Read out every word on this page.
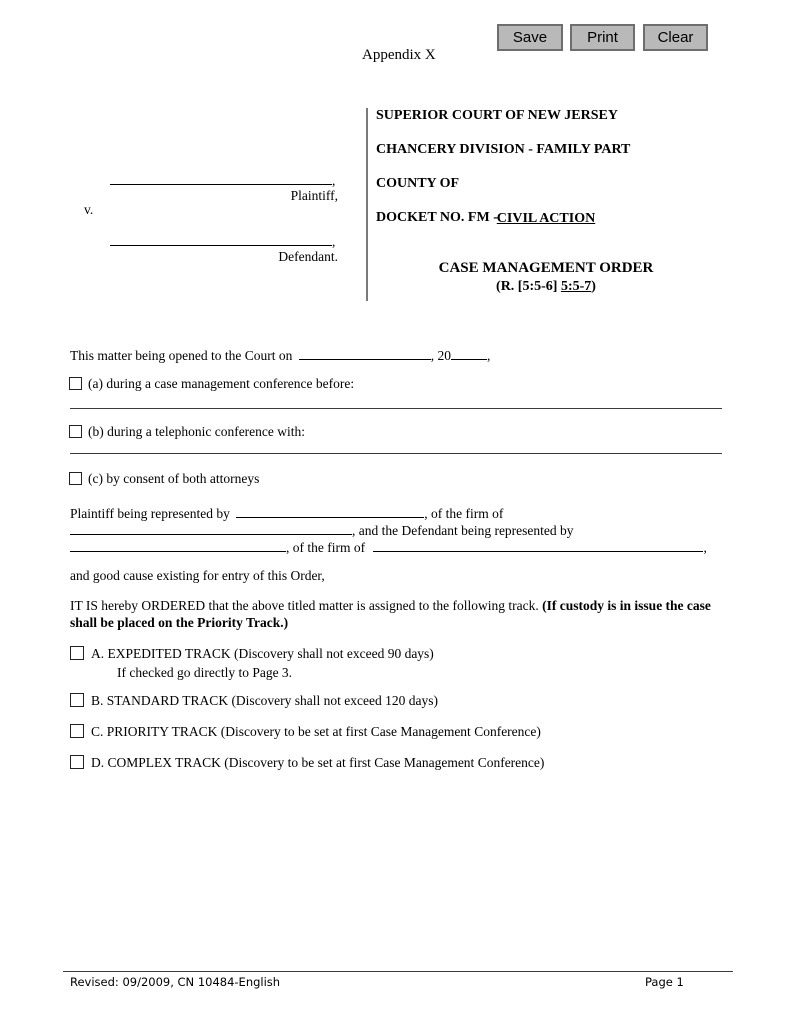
Save	Print	Clear
Appendix X
,
Plaintiff,
v.
,
Defendant.
SUPERIOR COURT OF NEW JERSEY

CHANCERY DIVISION - FAMILY PART

COUNTY OF

DOCKET NO. FM -

CIVIL ACTION
CASE MANAGEMENT ORDER
(R. [5:5-6] 5:5-7)
This matter being opened to the Court on	, 20	,
(a) during a case management conference before:
(b) during a telephonic conference with:
(c) by consent of both attorneys
Plaintiff being represented by	, of the firm of
, and the Defendant being represented by
, of the firm of	,
and good cause existing for entry of this Order,
IT IS hereby ORDERED that the above titled matter is assigned to the following track. (If custody is in issue the case shall be placed on the Priority Track.)
A. EXPEDITED TRACK (Discovery shall not exceed 90 days)
If checked go directly to Page 3.
B. STANDARD TRACK (Discovery shall not exceed 120 days)
C. PRIORITY TRACK (Discovery to be set at first Case Management Conference)
D. COMPLEX TRACK (Discovery to be set at first Case Management Conference)
Revised: 09/2009, CN 10484-English	Page 1
